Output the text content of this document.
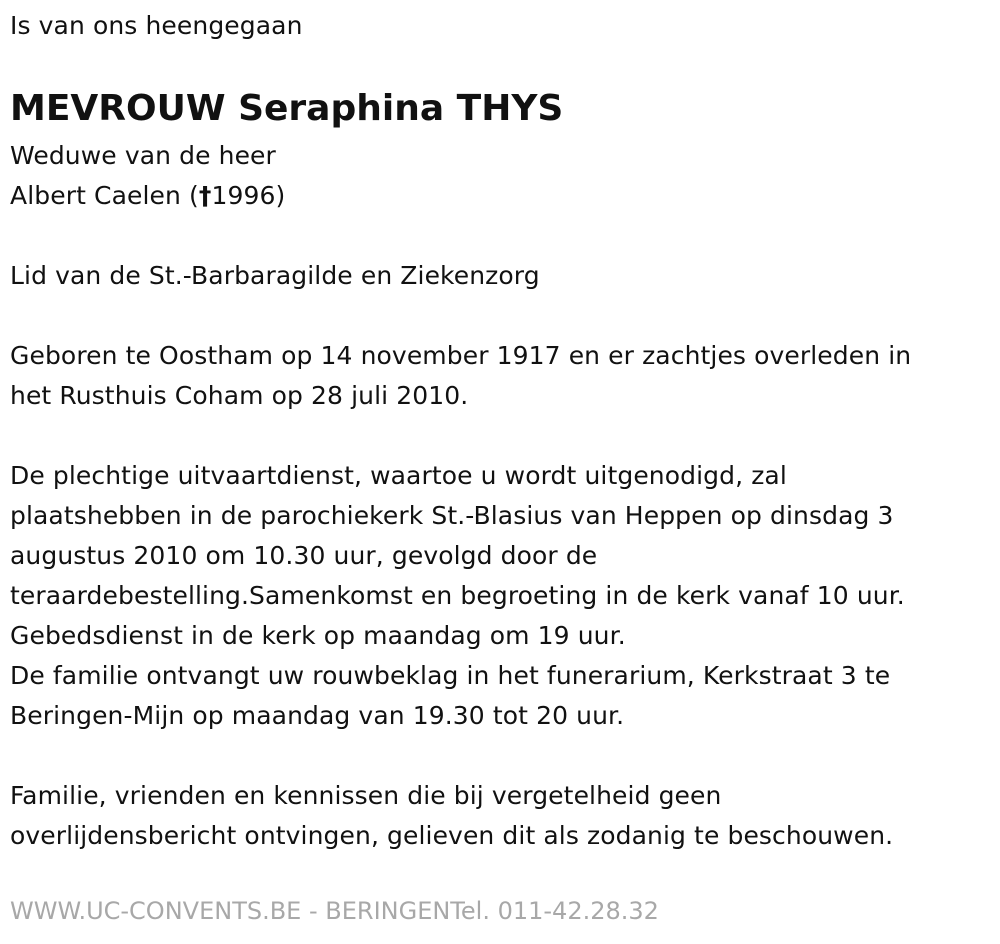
Is van ons heengegaan
MEVROUW Seraphina THYS
Weduwe van de heer
Albert Caelen (†1996)
Lid van de St.-Barbaragilde en Ziekenzorg
Geboren te Oostham op 14 november 1917 en er zachtjes overleden in
het Rusthuis Coham op 28 juli 2010.
De plechtige uitvaartdienst, waartoe u wordt uitgenodigd, zal
plaatshebben in de parochiekerk St.-Blasius van Heppen op dinsdag 3
augustus 2010 om 10.30 uur, gevolgd door de
teraardebestelling.Samenkomst en begroeting in de kerk vanaf 10 uur.
Gebedsdienst in de kerk op maandag om 19 uur.
De familie ontvangt uw rouwbeklag in het funerarium, Kerkstraat 3 te
Beringen-Mijn op maandag van 19.30 tot 20 uur.
Familie, vrienden en kennissen die bij vergetelheid geen
overlijdensbericht ontvingen, gelieven dit als zodanig te beschouwen.
WWW.UC-CONVENTS.BE - BERINGENTel. 011-42.28.32
